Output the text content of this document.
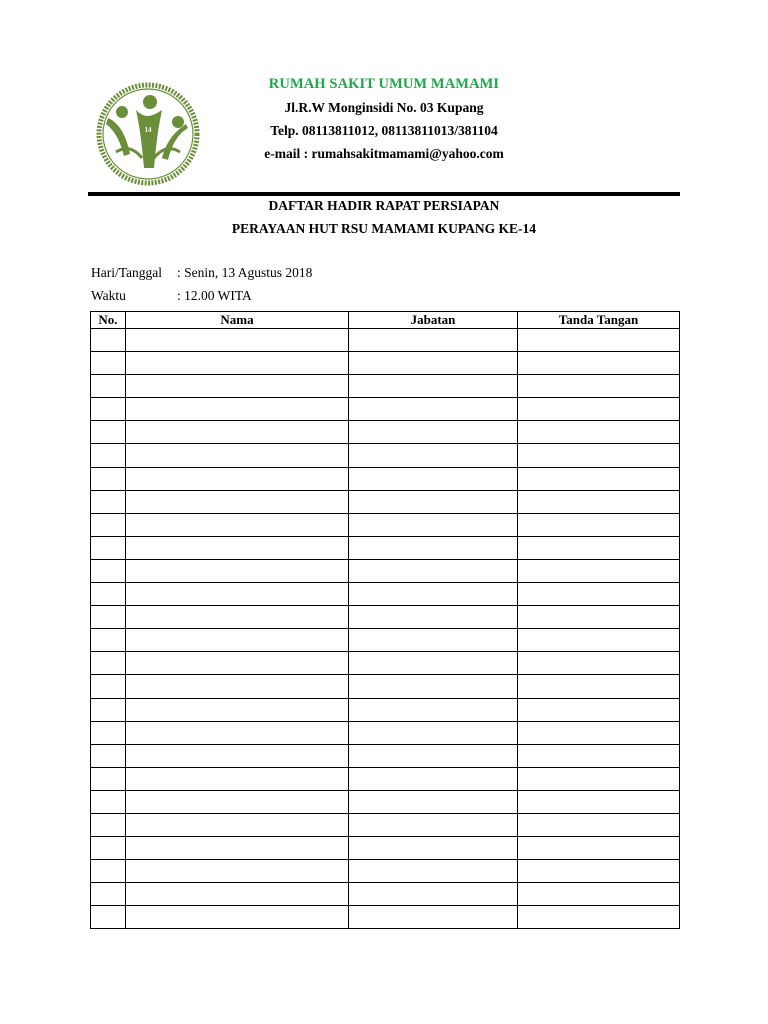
14
RUMAH SAKIT UMUM MAMAMI
Jl.R.W Monginsidi No. 03 Kupang
Telp. 08113811012, 08113811013/381104
e-mail : rumahsakitmamami@yahoo.com
DAFTAR HADIR RAPAT PERSIAPAN
PERAYAAN HUT RSU MAMAMI KUPANG KE-14
Hari/Tanggal : Senin, 13 Agustus 2018
Waktu	: 12.00 WITA
No.	Nama	Jabatan	Tanda Tangan
